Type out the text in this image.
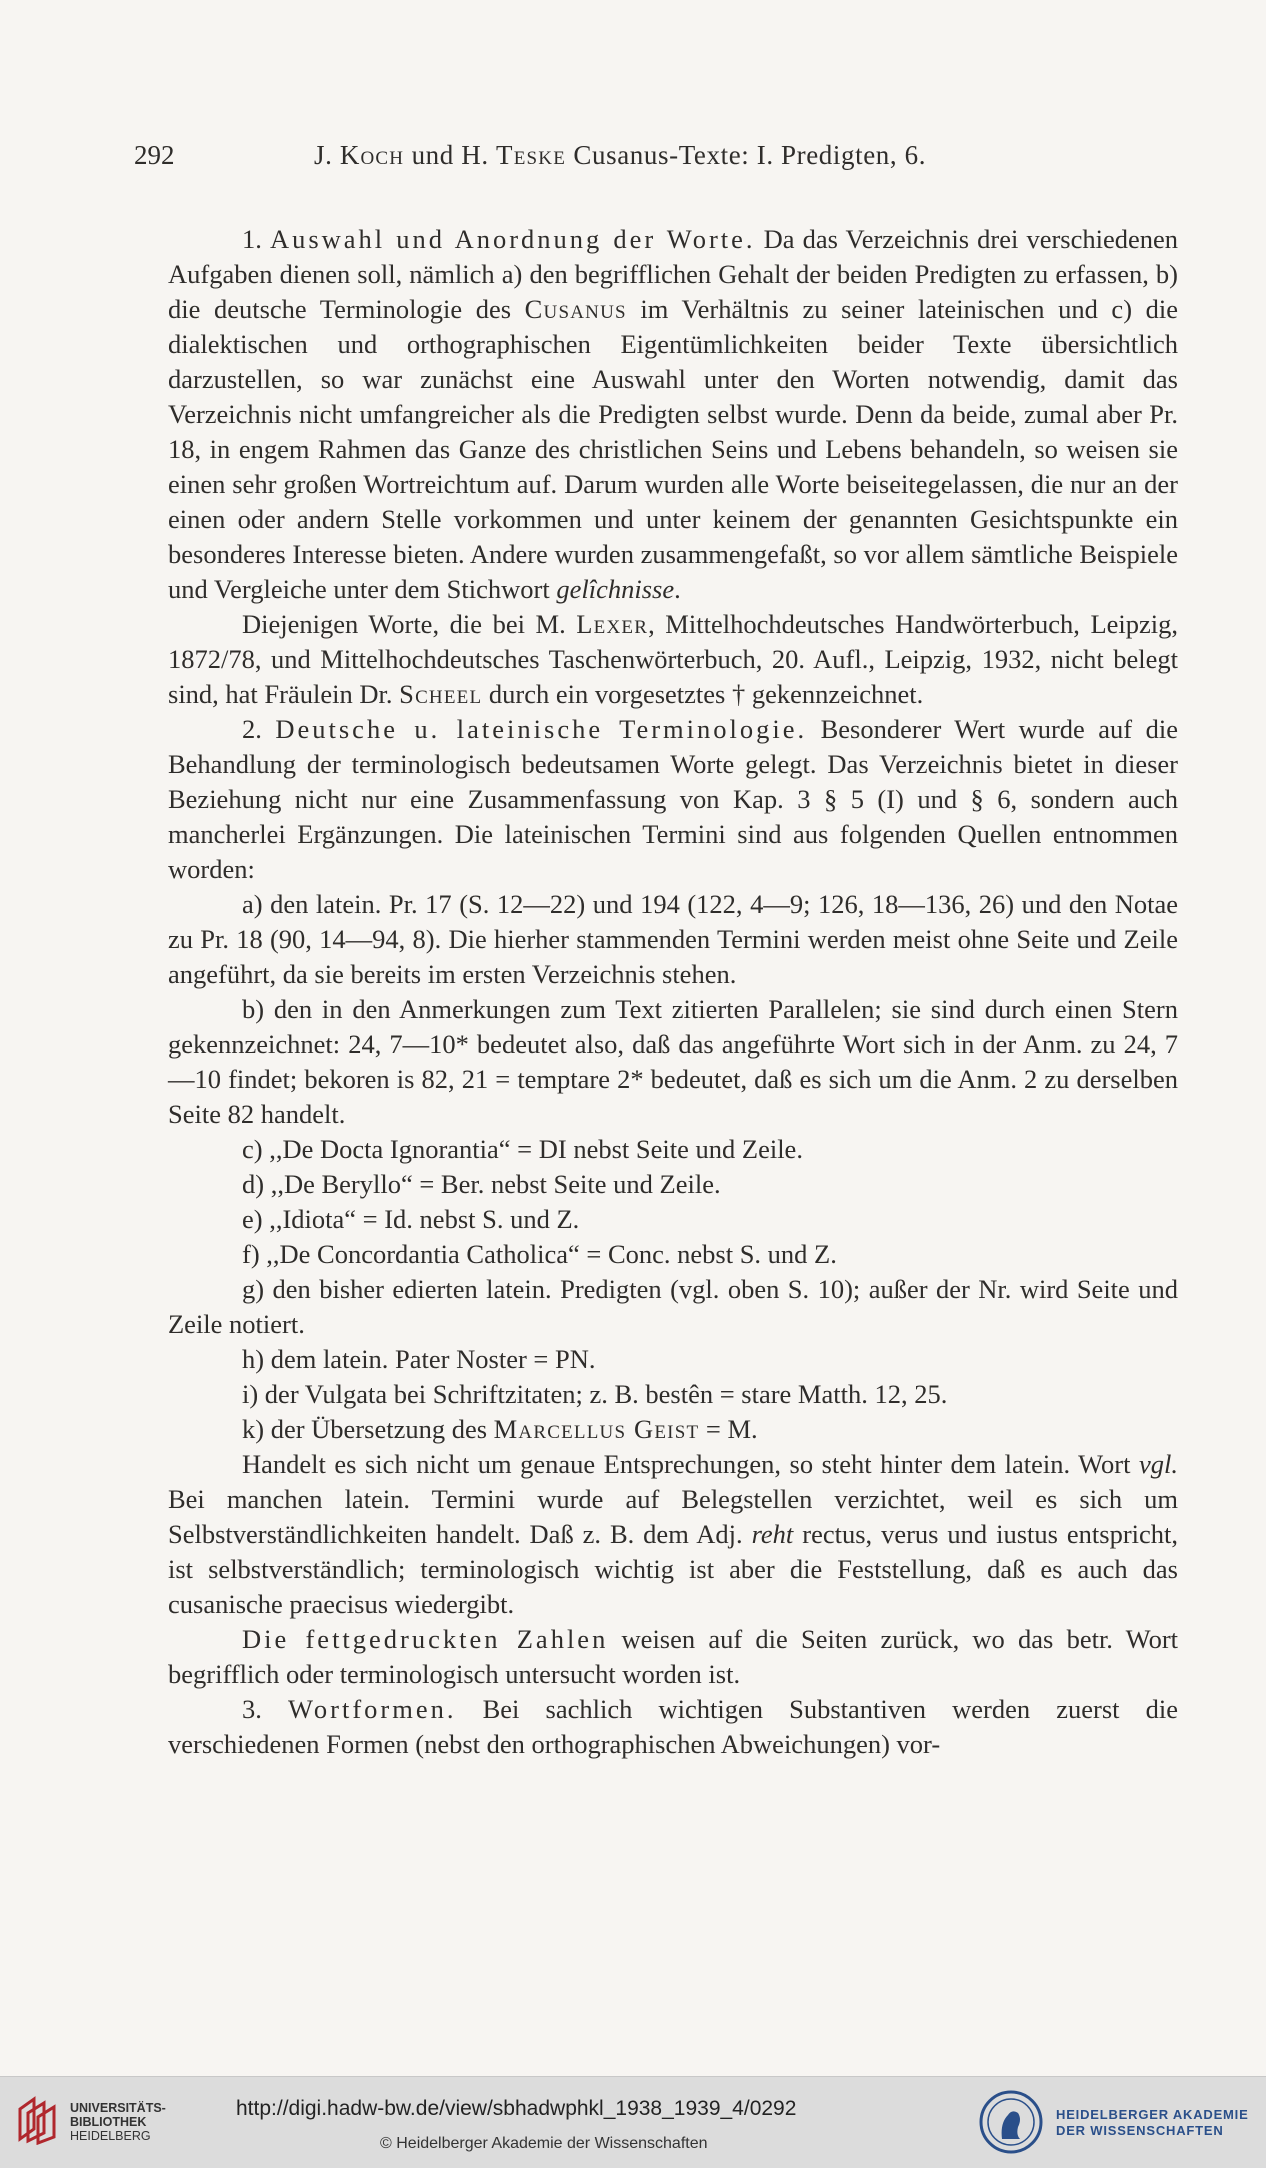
292	J. Koch und H. Teske Cusanus-Texte: I. Predigten, 6.

1. Auswahl und Anordnung der Worte. Da das Verzeichnis drei verschiedenen Aufgaben dienen soll, nämlich a) den begrifflichen Gehalt der beiden Predigten zu erfassen, b) die deutsche Terminologie des Cusanus im Verhältnis zu seiner lateinischen und c) die dialektischen und orthographischen Eigentümlichkeiten beider Texte übersichtlich darzustellen, so war zunächst eine Auswahl unter den Worten notwendig, damit das Verzeichnis nicht umfangreicher als die Predigten selbst wurde. Denn da beide, zumal aber Pr. 18, in engem Rahmen das Ganze des christlichen Seins und Lebens behandeln, so weisen sie einen sehr großen Wortreichtum auf. Darum wurden alle Worte beiseitegelassen, die nur an der einen oder andern Stelle vorkommen und unter keinem der genannten Gesichtspunkte ein besonderes Interesse bieten. Andere wurden zusammengefaßt, so vor allem sämtliche Beispiele und Vergleiche unter dem Stichwort gelîchnisse.

Diejenigen Worte, die bei M. Lexer, Mittelhochdeutsches Handwörterbuch, Leipzig, 1872/78, und Mittelhochdeutsches Taschenwörterbuch, 20. Aufl., Leipzig, 1932, nicht belegt sind, hat Fräulein Dr. Scheel durch ein vorgesetztes † gekennzeichnet.

2. Deutsche u. lateinische Terminologie. Besonderer Wert wurde auf die Behandlung der terminologisch bedeutsamen Worte gelegt. Das Verzeichnis bietet in dieser Beziehung nicht nur eine Zusammenfassung von Kap. 3 § 5 (I) und § 6, sondern auch mancherlei Ergänzungen. Die lateinischen Termini sind aus folgenden Quellen entnommen worden:

a) den latein. Pr. 17 (S. 12—22) und 194 (122, 4—9; 126, 18—136, 26) und den Notae zu Pr. 18 (90, 14—94, 8). Die hierher stammenden Termini werden meist ohne Seite und Zeile angeführt, da sie bereits im ersten Verzeichnis stehen.

b) den in den Anmerkungen zum Text zitierten Parallelen; sie sind durch einen Stern gekennzeichnet: 24, 7—10* bedeutet also, daß das angeführte Wort sich in der Anm. zu 24, 7—10 findet; bekoren is 82, 21 = temptare 2* bedeutet, daß es sich um die Anm. 2 zu derselben Seite 82 handelt.

c) ,,De Docta Ignorantia“ = DI nebst Seite und Zeile.

d) ,,De Beryllo“ = Ber. nebst Seite und Zeile.

e) ,,Idiota“ = Id. nebst S. und Z.

f) ,,De Concordantia Catholica“ = Conc. nebst S. und Z.

g) den bisher edierten latein. Predigten (vgl. oben S. 10); außer der Nr. wird Seite und Zeile notiert.

h) dem latein. Pater Noster = PN.

i) der Vulgata bei Schriftzitaten; z. B. bestên = stare Matth. 12, 25.

k) der Übersetzung des Marcellus Geist = M.

Handelt es sich nicht um genaue Entsprechungen, so steht hinter dem latein. Wort vgl. Bei manchen latein. Termini wurde auf Belegstellen verzichtet, weil es sich um Selbstverständlichkeiten handelt. Daß z. B. dem Adj. reht rectus, verus und iustus entspricht, ist selbstverständlich; terminologisch wichtig ist aber die Feststellung, daß es auch das cusanische praecisus wiedergibt.

Die fettgedruckten Zahlen weisen auf die Seiten zurück, wo das betr. Wort begrifflich oder terminologisch untersucht worden ist.

3. Wortformen. Bei sachlich wichtigen Substantiven werden zuerst die verschiedenen Formen (nebst den orthographischen Abweichungen) vor-

UNIVERSITÄTS-
BIBLIOTHEK
HEIDELBERG
http://digi.hadw-bw.de/view/sbhadwphkl_1938_1939_4/0292
© Heidelberger Akademie der Wissenschaften
HEIDELBERGER AKADEMIE
DER WISSENSCHAFTEN
